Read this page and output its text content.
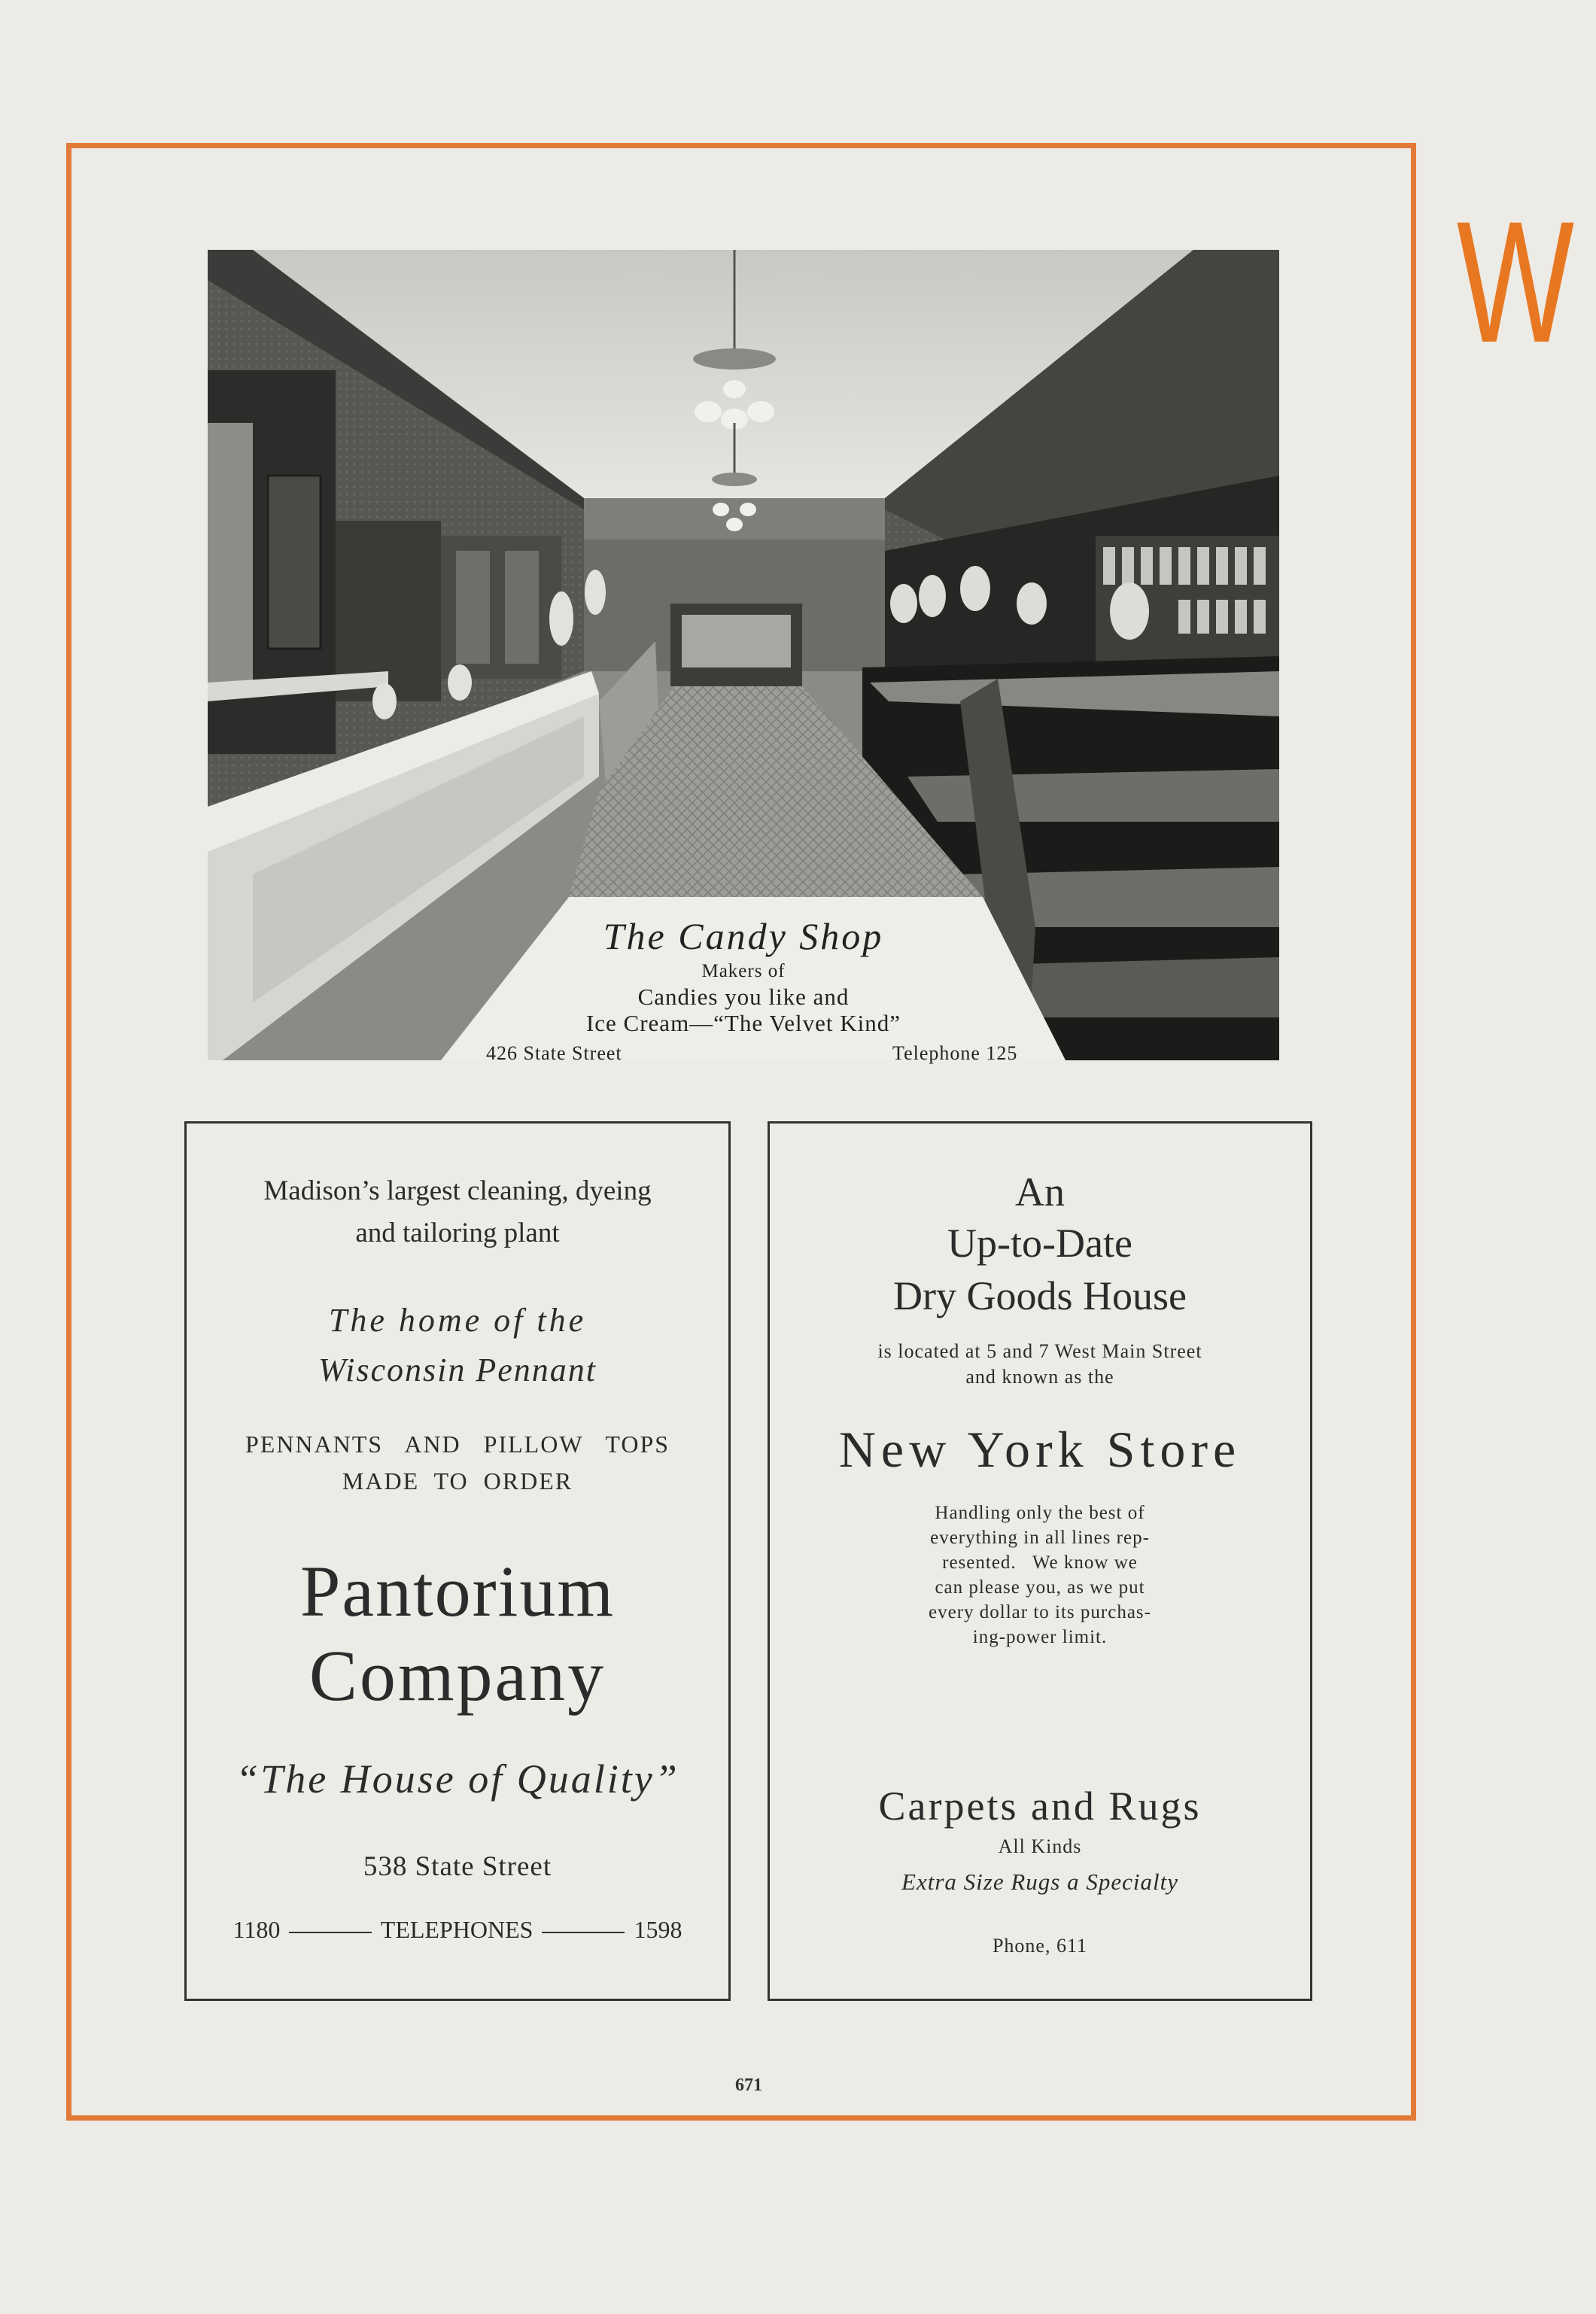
W
The Candy Shop
Makers of
Candies you like and
Ice Cream—“The Velvet Kind”
426 State Street	Telephone 125
Madison’s largest cleaning, dyeing
and tailoring plant
The home of the
Wisconsin Pennant
PENNANTS   AND   PILLOW   TOPS
MADE  TO  ORDER
Pantorium
Company
“The House of Quality”
538 State Street
1180	TELEPHONES	1598
An
Up-to-Date
Dry Goods House
is located at 5 and 7 West Main Street
and known as the
New York Store
Handling only the best of
everything in all lines rep-
resented.   We know we
can please you, as we put
every dollar to its purchas-
ing-power limit.
Carpets and Rugs
All Kinds
Extra Size Rugs a Specialty
Phone, 611
671
